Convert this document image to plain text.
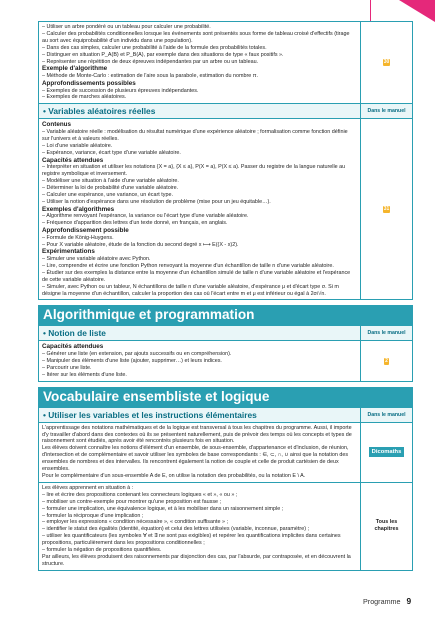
– Utiliser un arbre pondéré ou un tableau pour calculer une probabilité.
– Calculer des probabilités conditionnelles lorsque les événements sont présentés sous forme de tableau croisé d'effectifs (tirage
au sort avec équiprobabilité d'un individu dans une population).
– Dans des cas simples, calculer une probabilité à l'aide de la formule des probabilités totales.
– Distinguer en situation P_A(B) et P_B(A), par exemple dans des situations de type « faux positifs ».
– Représenter une répétition de deux épreuves indépendantes par un arbre ou un tableau.
Exemple d'algorithme
– Méthode de Monte-Carlo : estimation de l'aire sous la parabole, estimation du nombre π.
Approfondissements possibles
– Exemples de succession de plusieurs épreuves indépendantes.
– Exemples de marches aléatoires.
30
• Variables aléatoires réelles	Dans le manuel
Contenus
– Variable aléatoire réelle : modélisation du résultat numérique d'une expérience aléatoire ; formalisation comme fonction définie
sur l'univers et à valeurs réelles.
– Loi d'une variable aléatoire.
– Espérance, variance, écart type d'une variable aléatoire.
Capacités attendues
– Interpréter en situation et utiliser les notations {X = a}, {X ≤ a}, P(X = a), P(X ≤ a). Passer du registre de la langue naturelle au
registre symbolique et inversement.
– Modéliser une situation à l'aide d'une variable aléatoire.
– Déterminer la loi de probabilité d'une variable aléatoire.
– Calculer une espérance, une variance, un écart type.
– Utiliser la notion d'espérance dans une résolution de problème (mise pour un jeu équitable…).
Exemples d'algorithmes
– Algorithme renvoyant l'espérance, la variance ou l'écart type d'une variable aléatoire.
– Fréquence d'apparition des lettres d'un texte donné, en français, en anglais.
Approfondissement possible
– Formule de König-Huygens.
– Pour X variable aléatoire, étude de la fonction du second degré x ⟼ E((X - x)2).
Expérimentations
– Simuler une variable aléatoire avec Python.
– Lire, comprendre et écrire une fonction Python renvoyant la moyenne d'un échantillon de taille n d'une variable aléatoire.
– Étudier sur des exemples la distance entre la moyenne d'un échantillon simulé de taille n d'une variable aléatoire et l'espérance
de cette variable aléatoire.
– Simuler, avec Python ou un tableur, N échantillons de taille n d'une variable aléatoire, d'espérance μ et d'écart type σ. Si m
désigne la moyenne d'un échantillon, calculer la proportion des cas où l'écart entre m et μ est inférieur ou égal à 2σ/√n.
31
Algorithmique et programmation
• Notion de liste	Dans le manuel
Capacités attendues
– Générer une liste (en extension, par ajouts successifs ou en compréhension).
– Manipuler des éléments d'une liste (ajouter, supprimer…) et leurs indices.
– Parcourir une liste.
– Itérer sur les éléments d'une liste.
2
Vocabulaire ensembliste et logique
• Utiliser les variables et les instructions élémentaires	Dans le manuel
L'apprentissage des notations mathématiques et de la logique est transversal à tous les chapitres du programme. Aussi, il importe
d'y travailler d'abord dans des contextes où ils se présentent naturellement, puis de prévoir des temps où les concepts et types de
raisonnement sont étudiés, après avoir été rencontrés plusieurs fois en situation.
Les élèves doivent connaître les notions d'élément d'un ensemble, de sous-ensemble, d'appartenance et d'inclusion, de réunion,
d'intersection et de complémentaire et savoir utiliser les symboles de base correspondants : ∈, ⊂, ∩, ∪ ainsi que la notation des
ensembles de nombres et des intervalles. Ils rencontrent également la notion de couple et celle de produit cartésien de deux
ensembles.
Pour le complémentaire d'un sous-ensemble A de E, on utilise la notation des probabilités, ou la notation E \ A.
Dicomaths
Les élèves apprennent en situation à :
– lire et écrire des propositions contenant les connecteurs logiques « et », « ou » ;
– mobiliser un contre-exemple pour montrer qu'une proposition est fausse ;
– formuler une implication, une équivalence logique, et à les mobiliser dans un raisonnement simple ;
– formuler la réciproque d'une implication ;
– employer les expressions « condition nécessaire », « condition suffisante » ;
– identifier le statut des égalités (identité, équation) et celui des lettres utilisées (variable, inconnue, paramètre) ;
– utiliser les quantificateurs (les symboles ∀ et ∃ ne sont pas exigibles) et repérer les quantifications implicites dans certaines
propositions, particulièrement dans les propositions conditionnelles ;
– formuler la négation de propositions quantifiées.
Par ailleurs, les élèves produisent des raisonnements par disjonction des cas, par l'absurde, par contraposée, et en découvrent la
structure.
Tous les
chapitres
Programme 9
